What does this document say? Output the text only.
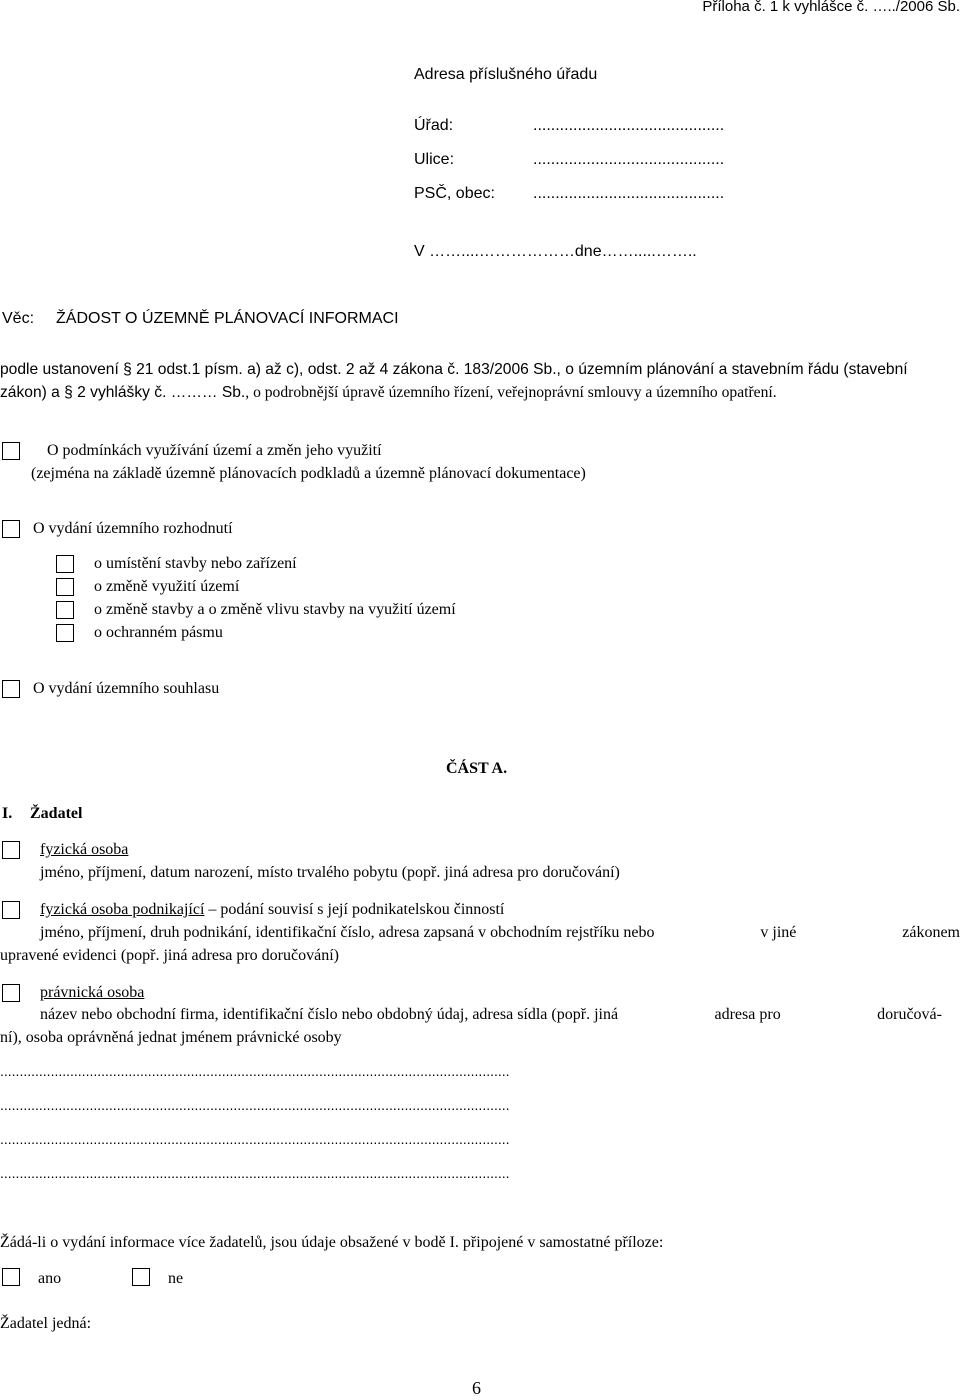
Příloha č. 1 k vyhlášce č. …../2006 Sb.
Adresa příslušného úřadu
Úřad:	...........................................
Ulice:	...........................................
PSČ, obec: ...........................................
V ……....………………dne…….....……..
Věc: ŽÁDOST O ÚZEMNĚ PLÁNOVACÍ INFORMACI
podle ustanovení § 21 odst.1 písm. a) až c), odst. 2 až 4 zákona č. 183/2006 Sb., o územním plánování a stavebním řádu (stavební
zákon) a § 2 vyhlášky č. ……… Sb., o podrobnější úpravě územního řízení, veřejnoprávní smlouvy a územního opatření.
O podmínkách využívání území a změn jeho využití
(zejména na základě územně plánovacích podkladů a územně plánovací dokumentace)
O vydání územního rozhodnutí
o umístění stavby nebo zařízení
o změně využití území
o změně stavby a o změně vlivu stavby na využití území
o ochranném pásmu
O vydání územního souhlasu
ČÁST A.
I. Žadatel
fyzická osoba
jméno, příjmení, datum narození, místo trvalého pobytu (popř. jiná adresa pro doručování)
fyzická osoba podnikající – podání souvisí s její podnikatelskou činností
jméno, příjmení, druh podnikání, identifikační číslo, adresa zapsaná v obchodním rejstříku nebo	v jiné	zákonem
upravené evidenci (popř. jiná adresa pro doručování)
právnická osoba
název nebo obchodní firma, identifikační číslo nebo obdobný údaj, adresa sídla (popř. jiná	adresa pro	doručová-
ní), osoba oprávněná jednat jménem právnické osoby
...................................................................................................................................
...................................................................................................................................
...................................................................................................................................
...................................................................................................................................
Žádá-li o vydání informace více žadatelů, jsou údaje obsažené v bodě I. připojené v samostatné příloze:
ano	ne
Žadatel jedná:
6
